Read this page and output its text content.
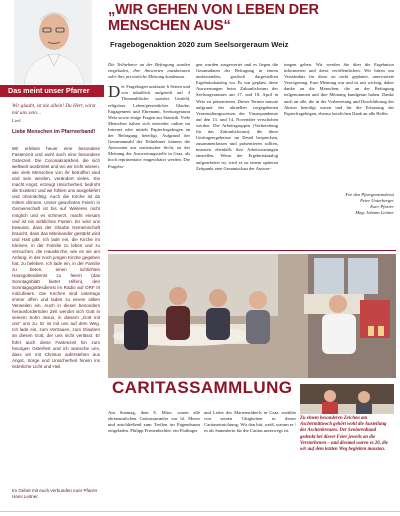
Das meint unser Pfarrer
Wir glaubt, ist nie allein! Du Herr, wirst mit uns sein…
Lied
Liebe Menschen im Pfarrverband!
Wir erleben heuer eine besondere Fastenzeit und wohl auch eine besondere Osterzeit. Die Coronakrankheit, die sich weltweit ausbreitet und wo wir nicht wissen, wie viele Menschen von ihr betroffen sind und sein werden, verändert vieles. Sie macht Angst, erzeugt Unsicherheit, bedroht die Existenz und wir fühlen uns ausgeliefert und ohnmächtig. Auch die Kirche ist da mitten drinnen. Unser gewohntes Feiern in Gemeinschaft ist bis auf Weiteres nicht möglich und es schmerzt, macht einsam und ist ein wirkliches Fasten. Es wird uns bewusst, dass der Glaube Gemeinschaft braucht, dass das Miteinander gestärkt wird und Halt gibt. Ich lade ein, die Kirche im Kleinen, in der Familie zu leben und zu versuchen, die Hauskirche, wie es sie am Anfang, in der noch jungen Kirche gegeben hat, zu beleben. Ich lade ein, in der Familie zu beten, einen schlichten Hausgottesdienst zu feiern (das Sonntagsblatt bietet Hilfen), den Sonntagsgottesdienst im Radio auf ORF III mitzufeiern. Die Kirchen sind untertags immer offen und laden zu einem stillen Verweilen ein. Auch in dieser besonders herausfordernden Zeit wendet sich Gott in seinem Sohn Jesus, in diesem „Gott mit uns“ uns zu. Er ist mit uns auf dem Weg. Ich lade ein, zum Vertrauen, zum Glauben an diesen Gott, der uns nicht verlässt. Er führt auch diese Fastenzeit hin zum heurigen Osterfest und ich wünsche uns, dass wir mit Christus auferstehen aus Angst, Sorge und Unsicherheit hinein ins österliche Licht und Heil.
Im Gebet mit euch verbunden euer Pfarrer Hans Leitner.
„WIR GEHEN VON LEBEN DER MENSCHEN AUS“
Fragebogenaktion 2020 zum Seelsorgeraum Weiz
Die Teilnehmer an der Befragung wurden eingeladen, ihre Antworten anzukreuzen oder ihre persönliche Meinung kundzutun.
Der Fragebogen umfasste 6 Seiten und war inhaltlich aufgeteilt auf 4 Themenblöcke: soziales Umfeld, religiöses Leben/persönlicher Glaube, Engagement und Ehrenamt, Seelsorgeraum Weiz sowie einige Fragen zur Statistik. Viele Menschen haben sich entweder online im Internet oder mittels Papierfragebogen an der Befragung beteiligt. Aufgrund der Gesamtanzahl der Teilnehmer können die Antworten aus statistischer Sicht, zu der Meinung der Auswertungsstelle in Graz, als hoch repräsentativ eingeschätzt werden. Die Fragebo-
gen wurden ausgewertet und es liegen die Gesamtdaten der Befragung in einem umfassenden, grafisch dargestellten Ergebnisskatalog vor. Es war geplant, diese Auswertungen beim Zukunftsforum des Seelsorgeraumes am 17. und 18. April in Weiz zu präsentieren. Dieser Termin musste aufgrund der aktuellen vorgegebenen Veranstaltungsweisen der Virusepandemie auf den 13. und 14. November verschoben werden. Die Arbeitsgruppen (Vorbereitung für das Zukunftsforum), die diese Umfrageergebnisse im Detail besprechen, zusammenfassen und präsentieren sollten, mussten ebenfalls ihre Arbeitssitzungen einstellen. Wenn der Ergebniskatalog aufgearbeitet ist, wird es zu einem späteren Zeitpunkt eine Gesamtschau der Auswer-
tungen geben. Wir werden Sie über die Ergebnisse informieren und diese veröffentlichen. Wir bitten um Verständnis für diese zu nicht geplante, unerwartete Verzögerung. Eure Meinung war und ist uns wichtig, daher danke an die Menschen, die an der Befragung teilgenommen und ihre Meinung kundgetan haben. Danke auch an alle, die in der Vorbereitung und Durchführung der Aktion beteiligt waren und für die Erfassung der Papierfragebögen, ebenso herzlichen Dank an alle Helfer.
Für den Pfarrgemeinderat
Peter Unterberger
Euer Pfarrer
Mag. Johann Leitner
CARITASSAMMLUNG
Am Sonntag, dem 8. März, waren alle ehrenamtlichen Caritassammler zur hl. Messe und anschließend zum Treffen im Pagendraum eingeladen. Philipp Friesenbichler, ein Floßinger
und Leiter des Marienstüberls in Graz, erzählte von seinen Tätigkeiten in dieser Caritaseinrichtung. Wir dan bitt, weiß, warum er / es als Sammlerin für die Caritas unterwegs ist.
Zu einem besonderen Zeichen am Aschermittwoch gehört wohl die Austeilung des Aschenkreuzes. Der Seniorenbund gedenkt bei dieser Feier jeweils an die Verstorbenen – und diesmal waren es 20, die wir auf dem letzten Weg begleiten mussten.
